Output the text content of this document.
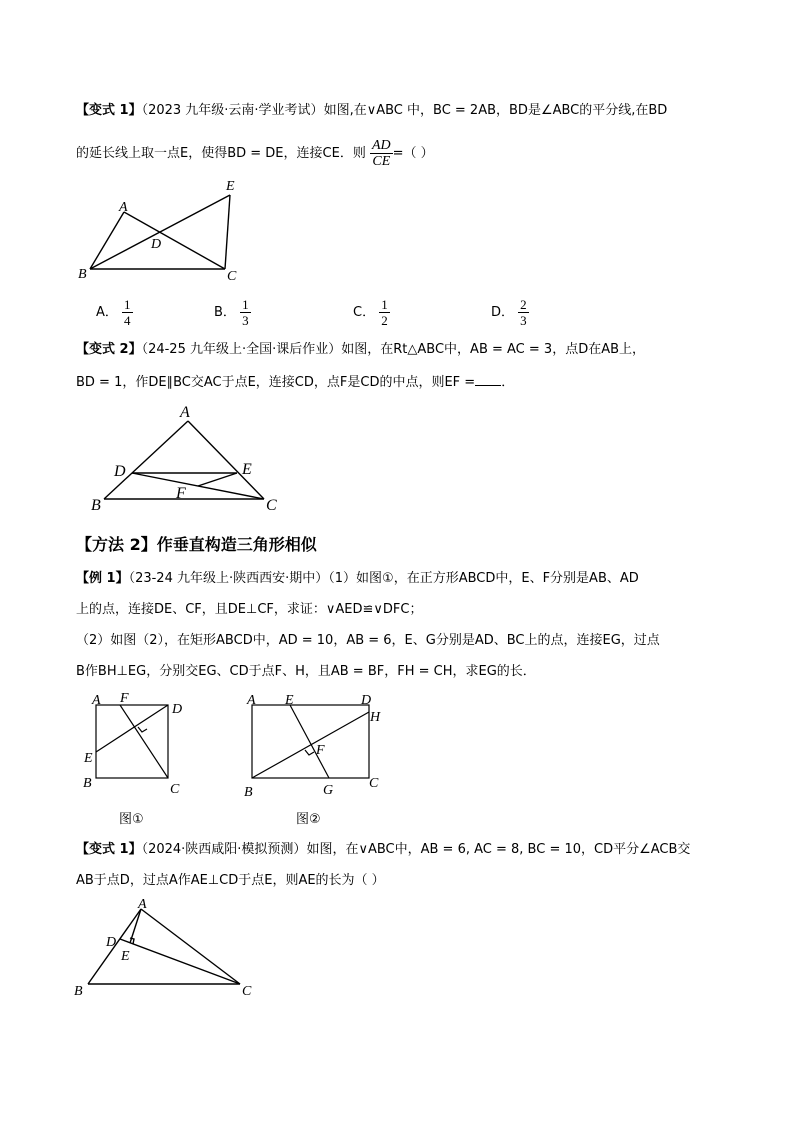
【变式 1】（2023 九年级·云南·学业考试）如图,在∨ABC 中，BC = 2AB，BD是∠ABC的平分线,在BD
的延长线上取一点E，使得BD = DE，连接CE．则 $\frac{AD}{CE}$ =（ ）
A
B	C
D
E
A． $\frac{1}{4}$	B． $\frac{1}{3}$	C． $\frac{1}{2}$	D． $\frac{2}{3}$
【变式 2】（24-25 九年级上·全国·课后作业）如图，在Rt△ABC中，AB = AC = 3，点D在AB上，
BD = 1，作DE∥BC交AC于点E，连接CD，点F是CD的中点，则EF = ．
A
B	C
D	E
F
【方法 2】作垂直构造三角形相似
【例 1】（23-24 九年级上·陕西西安·期中）（1）如图①，在正方形ABCD中，E、F分别是AB、AD
上的点，连接DE、CF，且DE⊥CF，求证：∨AED≌∨DFC；
（2）如图（2），在矩形ABCD中，AD = 10，AB = 6，E、G分别是AD、BC上的点，连接EG，过点
B作BH⊥EG，分别交EG、CD于点F、H，且AB = BF，FH = CH，求EG的长．
A
B	C
D
E
F
图①
A
B
C
D
E
F
G
H
图②
【变式 1】（2024·陕西咸阳·模拟预测）如图，在∨ABC中，AB = 6, AC = 8, BC = 10，CD平分∠ACB交
AB于点D，过点A作AE⊥CD于点E，则AE的长为（ ）
A
B	C
D
E
